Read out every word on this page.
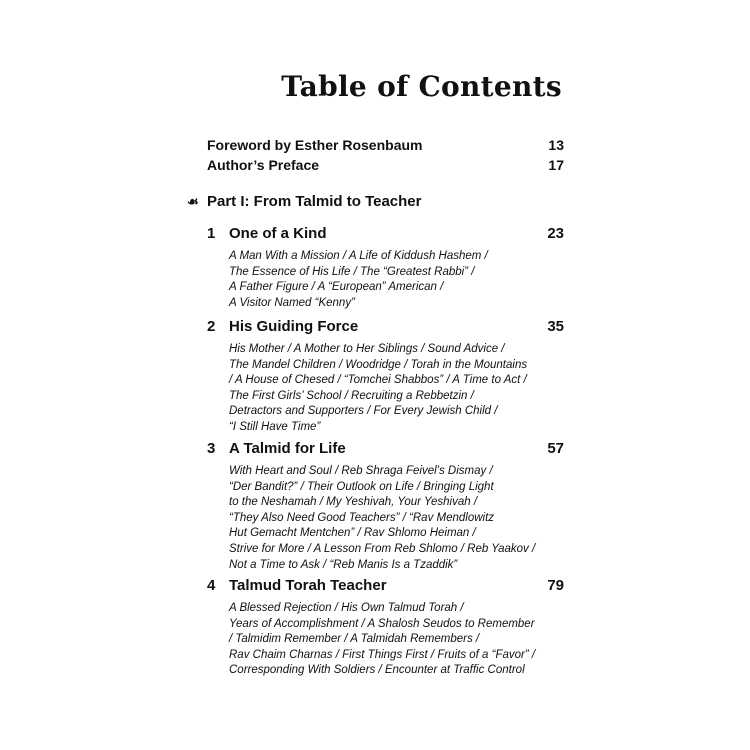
Table of Contents
Foreword by Esther Rosenbaum	13
Author’s Preface	17
☙ Part I: From Talmid to Teacher
1 One of a Kind	23
A Man With a Mission / A Life of Kiddush Hashem /
The Essence of His Life / The “Greatest Rabbi” /
A Father Figure / A “European” American /
A Visitor Named “Kenny”
2 His Guiding Force	35
His Mother / A Mother to Her Siblings / Sound Advice /
The Mandel Children / Woodridge / Torah in the Mountains
/ A House of Chesed / “Tomchei Shabbos” / A Time to Act /
The First Girls’ School / Recruiting a Rebbetzin /
Detractors and Supporters / For Every Jewish Child /
“I Still Have Time”
3 A Talmid for Life	57
With Heart and Soul / Reb Shraga Feivel’s Dismay /
“Der Bandit?” / Their Outlook on Life / Bringing Light
to the Neshamah / My Yeshivah, Your Yeshivah /
“They Also Need Good Teachers” / “Rav Mendlowitz
Hut Gemacht Mentchen” / Rav Shlomo Heiman /
Strive for More / A Lesson From Reb Shlomo / Reb Yaakov /
Not a Time to Ask / “Reb Manis Is a Tzaddik”
4 Talmud Torah Teacher	79
A Blessed Rejection / His Own Talmud Torah /
Years of Accomplishment / A Shalosh Seudos to Remember
/ Talmidim Remember / A Talmidah Remembers /
Rav Chaim Charnas / First Things First / Fruits of a “Favor” /
Corresponding With Soldiers / Encounter at Traffic Control
